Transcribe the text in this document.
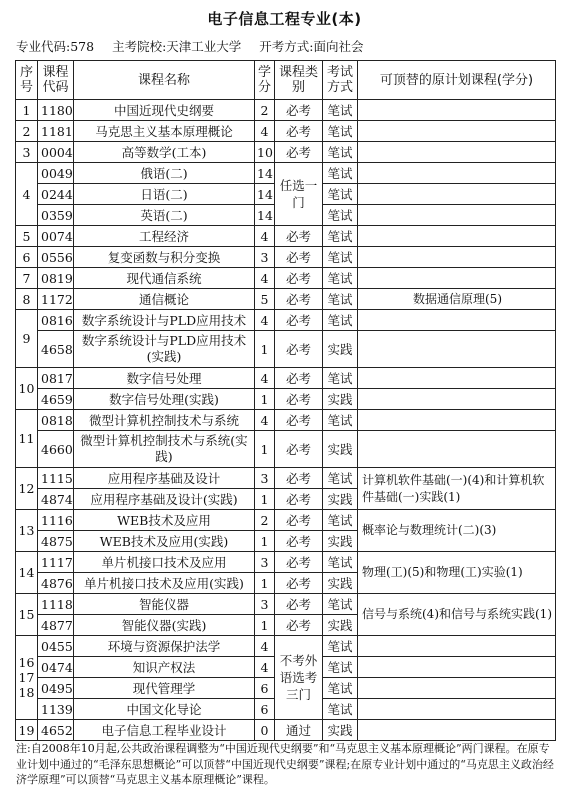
电子信息工程专业(本)
专业代码:578 主考院校:天津工业大学 开考方式:面向社会
序号	课程代码	课程名称	学分	课程类别	考试方式	可顶替的原计划课程(学分)
1	1180	中国近现代史纲要	2	必考	笔试	
2	1181	马克思主义基本原理概论	4	必考	笔试	
3	0004	高等数学(工本)	10	必考	笔试	
4	0049	俄语(二)	14	任选一门	笔试	
	0244	日语(二)	14		笔试	
	0359	英语(二)	14		笔试	
5	0074	工程经济	4	必考	笔试	
6	0556	复变函数与积分变换	3	必考	笔试	
7	0819	现代通信系统	4	必考	笔试	
8	1172	通信概论	5	必考	笔试	数据通信原理(5)
9	0816	数字系统设计与PLD应用技术	4	必考	笔试	
	4658	数字系统设计与PLD应用技术(实践)	1	必考	实践	
10	0817	数字信号处理	4	必考	笔试	
	4659	数字信号处理(实践)	1	必考	实践	
11	0818	微型计算机控制技术与系统	4	必考	笔试	
	4660	微型计算机控制技术与系统(实践)	1	必考	实践	
12	1115	应用程序基础及设计	3	必考	笔试	计算机软件基础(一)(4)和计算机软件基础(一)实践(1)
	4874	应用程序基础及设计(实践)	1	必考	实践	
13	1116	WEB技术及应用	2	必考	笔试	概率论与数理统计(二)(3)
	4875	WEB技术及应用(实践)	1	必考	实践	
14	1117	单片机接口技术及应用	3	必考	笔试	物理(工)(5)和物理(工)实验(1)
	4876	单片机接口技术及应用(实践)	1	必考	实践	
15	1118	智能仪器	3	必考	笔试	信号与系统(4)和信号与系统实践(1)
	4877	智能仪器(实践)	1	必考	实践	
16 17 18	0455	环境与资源保护法学	4	不考外语选考三门	笔试	
	0474	知识产权法	4		笔试	
	0495	现代管理学	6		笔试	
	1139	中国文化导论	6		笔试	
19	4652	电子信息工程毕业设计	0	通过	实践	
注:自2008年10月起,公共政治课程调整为“中国近现代史纲要”和“马克思主义基本原理概论”两门课程。在原专业计划中通过的“毛泽东思想概论”可以顶替“中国近现代史纲要”课程;在原专业计划中通过的“马克思主义政治经济学原理”可以顶替“马克思主义基本原理概论”课程。
